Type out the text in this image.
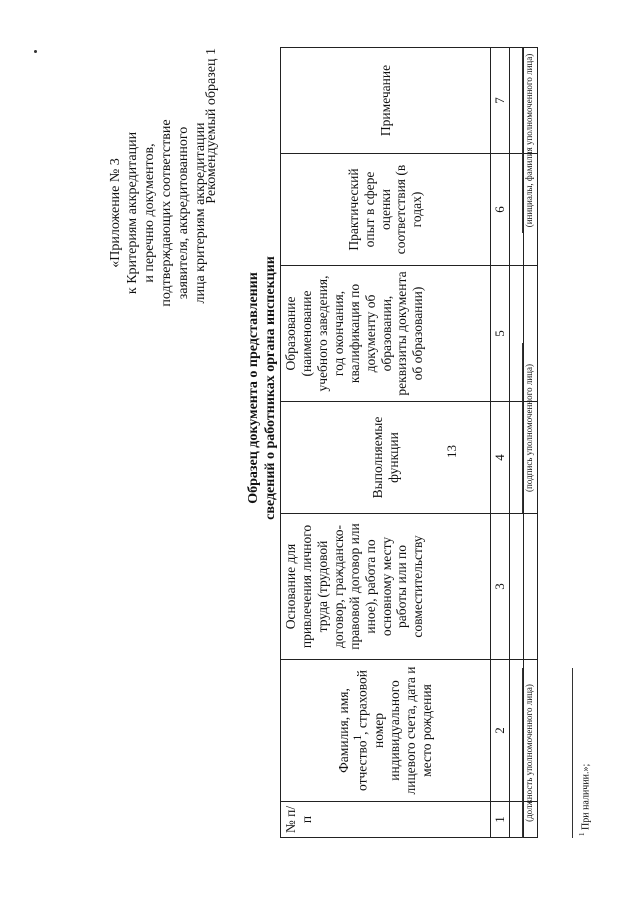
13
«Приложение № 3 к Критериям аккредитации и перечню документов, подтверждающих соответствие заявителя, аккредитованного лица критериям аккредитации
Рекомендуемый образец 1
Образец документа о представлении сведений о работниках органа инспекции
№ п/п	Фамилия, имя, отчество$^1$, страховой номер индивидуального лицевого счета, дата и место рождения	Основание для привлечения личного труда (трудовой договор, гражданско-правовой договор или иное), работа по основному месту работы или по совместительству	Выполняемые функции	Образование (наименование учебного заведения, год окончания, квалификация по документу об образовании, реквизиты документа об образовании)	Практический опыт в сфере оценки соответствия (в годах)	Примечание
1	2	3	4	5	6	7

(должность уполномоченного лица)
(подпись уполномоченного лица)
(инициалы, фамилия уполномоченного лица)
$^1$ При наличии.»;
